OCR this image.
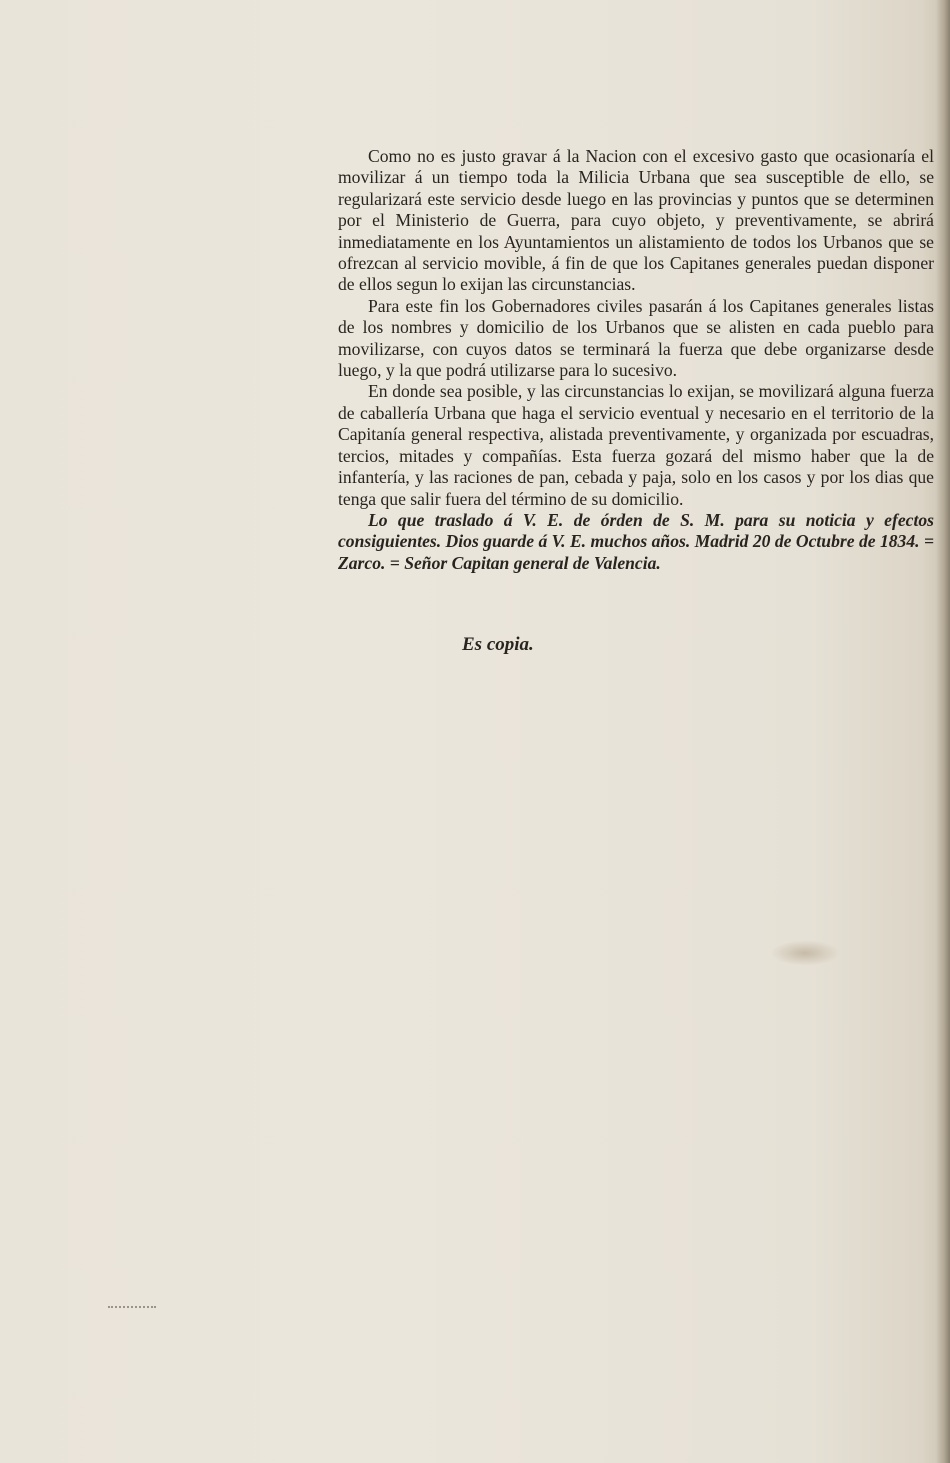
Como no es justo gravar á la Nacion con el excesivo gasto que ocasionaría el movilizar á un tiempo toda la Milicia Urbana que sea susceptible de ello, se regularizará este servicio desde luego en las provincias y puntos que se determinen por el Ministerio de Guerra, para cuyo objeto, y preventivamente, se abrirá inmediatamente en los Ayuntamientos un alistamiento de todos los Urbanos que se ofrezcan al servicio movible, á fin de que los Capitanes generales puedan disponer de ellos segun lo exijan las circunstancias.

Para este fin los Gobernadores civiles pasarán á los Capitanes generales listas de los nombres y domicilio de los Urbanos que se alisten en cada pueblo para movilizarse, con cuyos datos se terminará la fuerza que debe organizarse desde luego, y la que podrá utilizarse para lo sucesivo.

En donde sea posible, y las circunstancias lo exijan, se movilizará alguna fuerza de caballería Urbana que haga el servicio eventual y necesario en el territorio de la Capitanía general respectiva, alistada preventivamente, y organizada por escuadras, tercios, mitades y compañías. Esta fuerza gozará del mismo haber que la de infantería, y las raciones de pan, cebada y paja, solo en los casos y por los dias que tenga que salir fuera del término de su domicilio.

Lo que traslado á V. E. de órden de S. M. para su noticia y efectos consiguientes. Dios guarde á V. E. muchos años. Madrid 20 de Octubre de 1834. = Zarco. = Señor Capitan general de Valencia.

Es copia.
